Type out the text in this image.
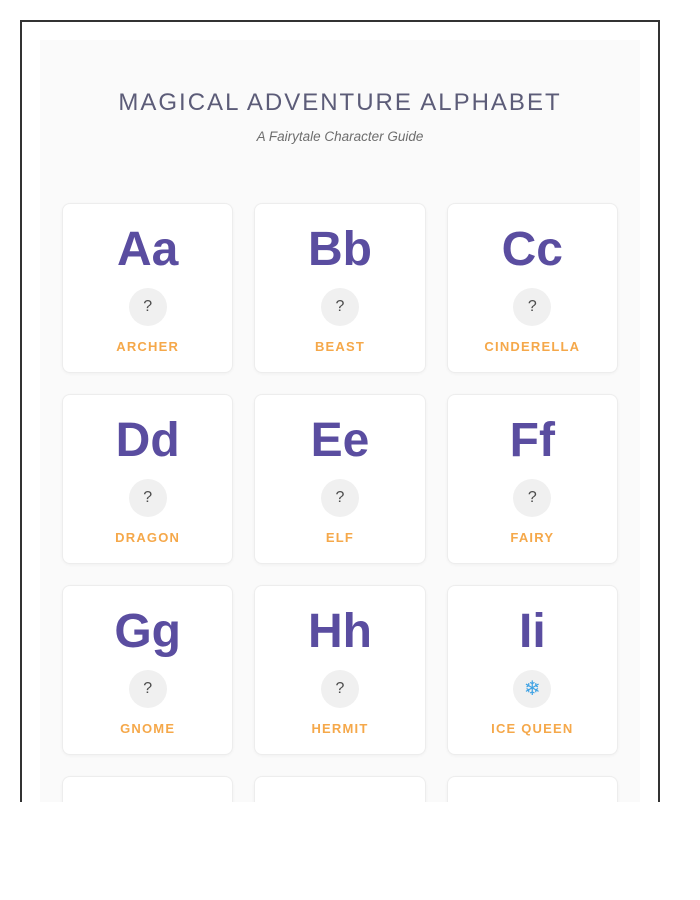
MAGICAL ADVENTURE ALPHABET

A Fairytale Character Guide

Aa
?
ARCHER
Bb
?
BEAST
Cc
?
CINDERELLA
Dd
?
DRAGON
Ee
?
ELF
Ff
?
FAIRY
Gg
?
GNOME
Hh
?
HERMIT
Ii
❄
ICE QUEEN
